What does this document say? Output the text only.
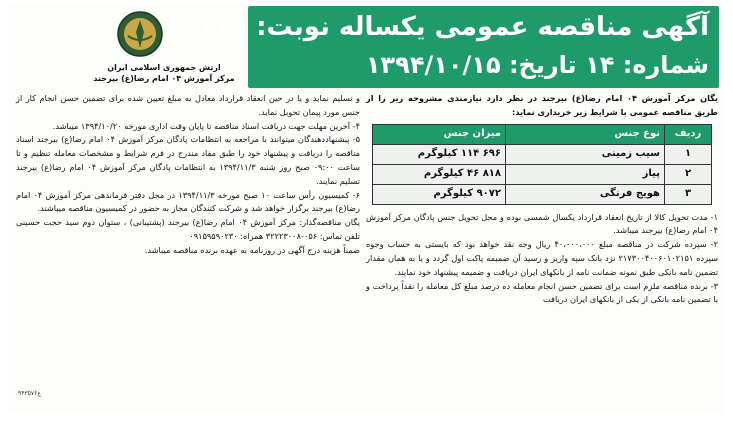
آگهی مناقصه عمومی یکساله نوبت: دوم
شماره: ۱۴ تاریخ: ۱۳۹۴/۱۰/۱۵
ارتش جمهوری اسلامی ایران
مرکز آموزش ۰۴ امام رضا(ع) بیرجند

یگان مرکز آموزش ۰۴ امام رضا(ع) بیرجند در نظر دارد نیازمندی مشروحه زیر را از طریق مناقصه عمومی با شرایط زیر خریداری نماید:

ردیف	نوع جنس	میزان جنس
۱	سیب زمینی	۶۹۶ ۱۱۴ کیلوگرم
۲	پیاز	۸۱۸ ۴۶ کیلوگرم
۳	هویج فرنگی	۹۰۷۲ کیلوگرم

۱- مدت تحویل کالا از تاریخ انعقاد قرارداد یکسال شمسی بوده و محل تحویل جنس پادگان مرکز آموزش ۰۴ امام رضا(ع) بیرجند میباشد.

۲- سپرده شرکت در مناقصه مبلغ ۴۰،۰۰۰،۰۰۰ ریال وجه نقد خواهد بود که بایستی به حساب وجوه سپرده ۲۱۷۳۰۰۴۰۰۶۰۱۰۲۱۵۱ نزد بانک سپه واریز و رسید آن ضمیمه پاکت اول گردد و یا به همان مقدار تضمین نامه بانکی طبق نمونه ضمانت نامه از بانکهای ایران دریافت و ضمیمه پیشنهاد خود نمایند.

۳- برنده مناقصه ملزم است برای تضمین حسن انجام معامله ده درصد مبلغ کل معامله را نقداً پرداخت و یا تضمین نامه بانکی از یکی از بانکهای ایران دریافت

و تسلیم نماید و یا در حین انعقاد قرارداد معادل به مبلغ تعیین شده برای تضمین حسن انجام کار از جنس مورد پیمان تحویل نماید.

۴- آخرین مهلت جهت دریافت اسناد مناقصه تا پایان وقت اداری مورخه ۱۳۹۴/۱۰/۲۰ میباشد.

۵- پیشنهاددهندگان میتوانند با مراجعه به انتظامات پادگان مرکز آموزش ۰۴ امام رضا(ع) بیرجند اسناد مناقصه را دریافت و پیشنهاد خود را طبق مفاد مندرج در فرم شرایط و مشخصات معامله تنظیم و تا ساعت ۰۹:۰۰ صبح روز شنبه ۱۳۹۴/۱۱/۳ به انتظامات پادگان مرکز آموزش ۰۴ امام رضا(ع) بیرجند تسلیم نمایند.

۶- کمیسیون رأس ساعت ۱۰ صبح مورخه ۱۳۹۴/۱۱/۳ در محل دفتر فرماندهی مرکز آموزش ۰۴ امام رضا(ع) بیرجند برگزار خواهد شد و شرکت کنندگان مجاز به حضور در کمیسیون مناقصه میباشند.

یگان مناقصه‌گذار: مرکز آموزش ۰۴ امام رضا(ع) بیرجند (پشتیبانی) ، ستوان دوم سید حجت حسینی تلفن تماس: ۰۵۶-۳۲۲۲۳۰۰۸ همراه: ۰۹۱۵۹۵۹۰۲۳۰

ضمناً هزینه درج آگهی در روزنامه به عهده برنده مناقصه میباشد.

ع۹۴۳۵۷۶
